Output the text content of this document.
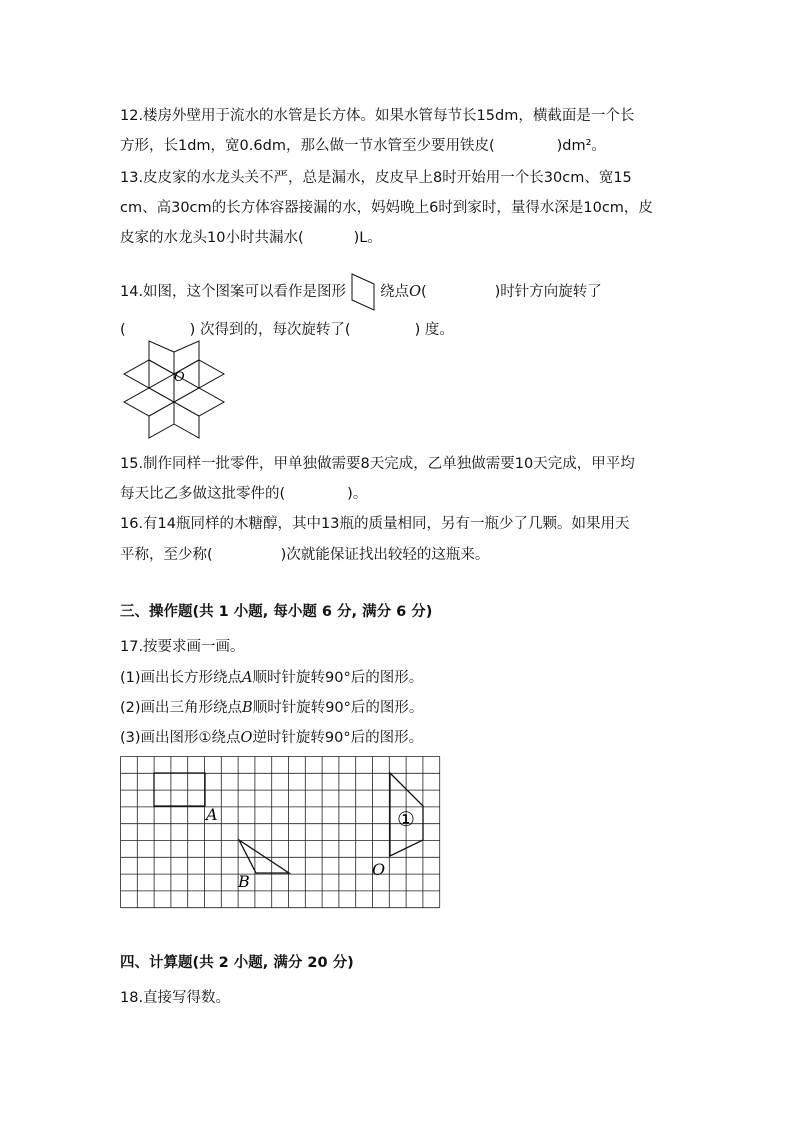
12.楼房外壁用于流水的水管是长方体。如果水管每节长15dm，横截面是一个长
方形，长1dm，宽0.6dm，那么做一节水管至少要用铁皮(	)dm²。
13.皮皮家的水龙头关不严，总是漏水，皮皮早上8时开始用一个长30cm、宽15
cm、高30cm的长方体容器接漏的水，妈妈晚上6时到家时，量得水深是10cm，皮
皮家的水龙头10小时共漏水(	)L。
14.如图，这个图案可以看作是图形 绕点O(	)时针方向旋转了
(	) 次得到的，每次旋转了(	) 度。
O
15.制作同样一批零件，甲单独做需要8天完成，乙单独做需要10天完成，甲平均
每天比乙多做这批零件的(	)。
16.有14瓶同样的木糖醇，其中13瓶的质量相同，另有一瓶少了几颗。如果用天
平称，至少称(	)次就能保证找出较轻的这瓶来。
三、操作题(共 1 小题, 每小题 6 分, 满分 6 分)
17.按要求画一画。
(1)画出长方形绕点A顺时针旋转90°后的图形。
(2)画出三角形绕点B顺时针旋转90°后的图形。
(3)画出图形①绕点O逆时针旋转90°后的图形。
A
B
①
O
四、计算题(共 2 小题, 满分 20 分)
18.直接写得数。
